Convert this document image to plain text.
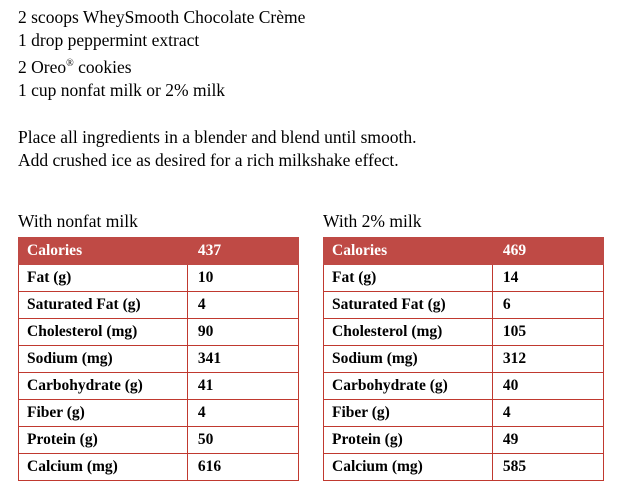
2 scoops WheySmooth Chocolate Crème
1 drop peppermint extract
2 Oreo® cookies
1 cup nonfat milk or 2% milk

Place all ingredients in a blender and blend until smooth.

Add crushed ice as desired for a rich milkshake effect.

With nonfat milk
Calories	437
Fat (g)	10
Saturated Fat (g)	4
Cholesterol (mg)	90
Sodium (mg)	341
Carbohydrate (g)	41
Fiber (g)	4
Protein (g)	50
Calcium (mg)	616
With 2% milk
Calories	469
Fat (g)	14
Saturated Fat (g)	6
Cholesterol (mg)	105
Sodium (mg)	312
Carbohydrate (g)	40
Fiber (g)	4
Protein (g)	49
Calcium (mg)	585
